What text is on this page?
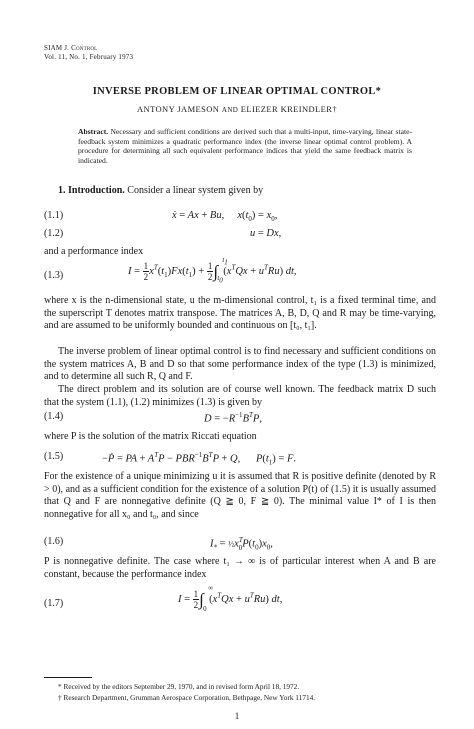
SIAM J. Control
Vol. 11, No. 1, February 1973
INVERSE PROBLEM OF LINEAR OPTIMAL CONTROL*
ANTONY JAMESON AND ELIEZER KREINDLER†
Abstract. Necessary and sufficient conditions are derived such that a multi-input, time-varying, linear state-feedback system minimizes a quadratic performance index (the inverse linear optimal control problem). A procedure for determining all such equivalent performance indices that yield the same feedback matrix is indicated.
1. Introduction. Consider a linear system given by
(1.1)	ẋ = Ax + Bu,     $x(t_0) = x_0$,
(1.2)	u = Dx,
and a performance index
(1.3)	$I = \frac{1}{2} x^T(t_1)Fx(t_1) + \frac{1}{2}$ ∫
$t_1$
$t_0$
$(x^TQx + u^TRu)$ dt,
where x is the n-dimensional state, u the m-dimensional control, t₁ is a fixed terminal time, and the superscript T denotes matrix transpose. The matrices A, B, D, Q and R may be time-varying, and are assumed to be uniformly bounded and continuous on [t₀, t₁].
The inverse problem of linear optimal control is to find necessary and sufficient conditions on the system matrices A, B and D so that some performance index of the type (1.3) is minimized, and to determine all such R, Q and F.
The direct problem and its solution are of course well known. The feedback matrix D such that the system (1.1), (1.2) minimizes (1.3) is given by
(1.4)	$D = -R^{-1}B^TP$,
where P is the solution of the matrix Riccati equation
(1.5)	−Ṗ = PA + $A^TP - PBR^{-1}B^TP + Q$,      $P(t_1) = F$.
For the existence of a unique minimizing u it is assumed that R is positive definite (denoted by R > 0), and as a sufficient condition for the existence of a solution P(t) of (1.5) it is usually assumed that Q and F are nonnegative definite (Q ≧ 0, F ≧ 0). The minimal value I* of I is then nonnegative for all x₀ and t₀, and since
(1.6)	$I_*$ = $\frac{1}{2}x^T_0P(t_0)x_0$,
P is nonnegative definite. The case where t₁ → ∞ is of particular interest when A and B are constant, because the performance index
(1.7)	$I = \frac{1}{2}$ ∫
∞
0
$(x^TQx + u^TRu)$ dt,
* Received by the editors September 29, 1970, and in revised form April 18, 1972.
† Research Department, Grumman Aerospace Corporation, Bethpage, New York 11714.
1
